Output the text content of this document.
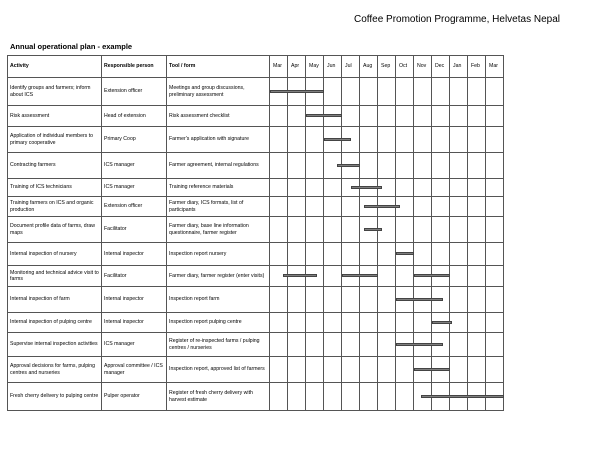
Coffee Promotion Programme, Helvetas Nepal
Annual operational plan - example
Activity	Responsible person	Tool / form	Mar	Apr	May	Jun	Jul	Aug	Sep	Oct	Nov	Dec	Jan	Feb	Mar
Identify groups and farmers; inform about ICS	Extension officer	Meetings and group discussions, preliminary assessment	

Risk assessment	Head of extension	Risk assessment checklist			

Application of individual members to primary cooperative	Primary Coop	Farmer's application with signature				

Contracting farmers	ICS manager	Farmer agreement, internal regulations				

Training of ICS technicians	ICS manager	Training reference materials					

Training farmers on ICS and organic production	Extension officer	Farmer diary, ICS formats, list of participants						

Document profile data of farms, draw maps	Facilitator	Farmer diary, base line information questionnaire, farmer register						

Internal inspection of nursery	Internal inspector	Inspection report nursery								

Monitoring and technical advice visit to farms	Facilitator	Farmer diary, farmer register (enter visits)	

Internal inspection of farm	Internal inspector	Inspection report farm								

Internal inspection of pulping centre	Internal inspector	Inspection report pulping centre										

Supervise internal inspection activities	ICS manager	Register of re-inspected farms / pulping centres / nurseries								

Approval decisions for farms, pulping centres and nurseries	Approval committee / ICS manager	Inspection report, approved list of farmers									

Fresh cherry delivery to pulping centre	Pulper operator	Register of fresh cherry delivery with harvest estimate									
